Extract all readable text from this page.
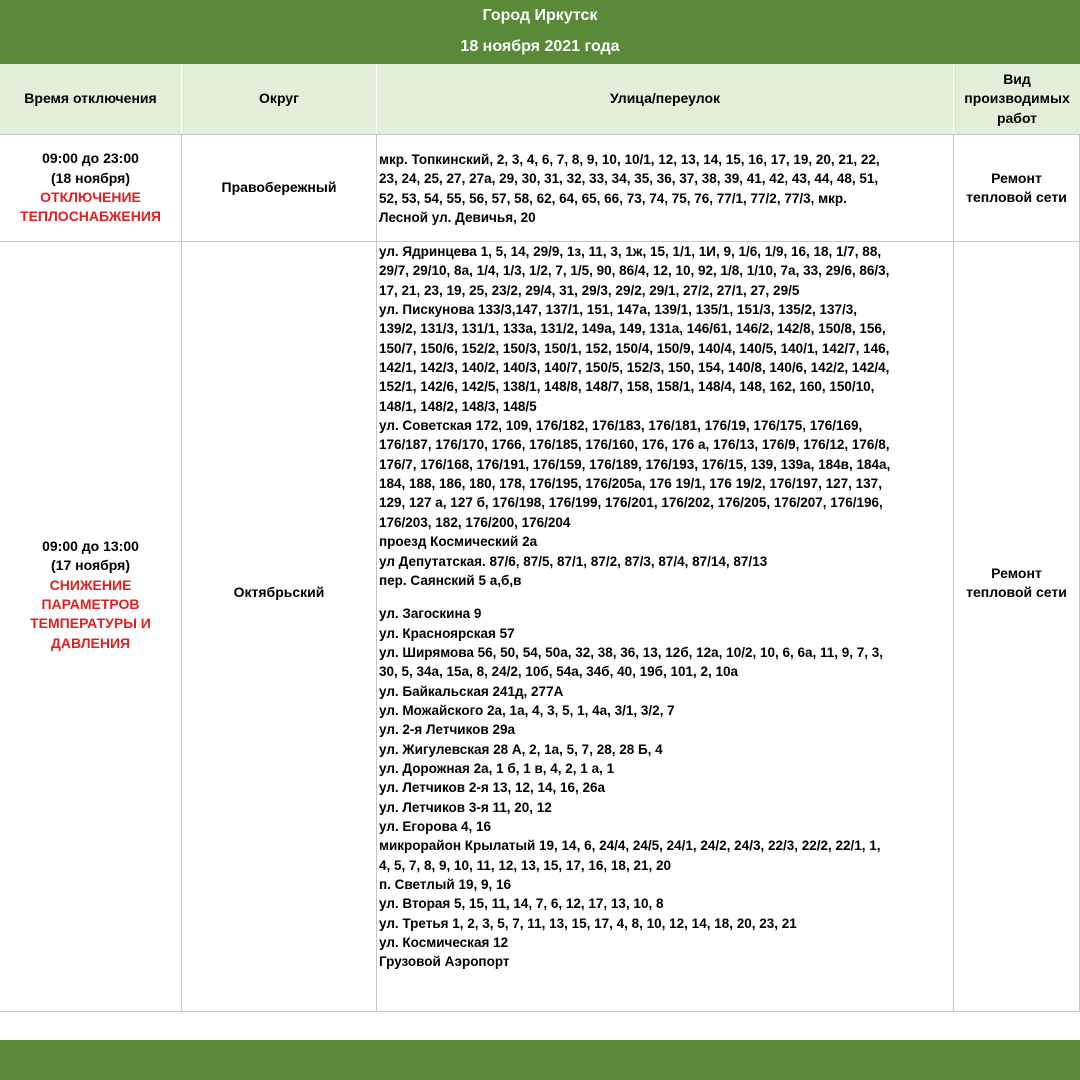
Город Иркутск
18 ноября 2021 года
Время отключения	Округ	Улица/переулок
Вид
производимых
работ
09:00 до 23:00
(18 ноября)
ОТКЛЮЧЕНИЕ
ТЕПЛОСНАБЖЕНИЯ
Правобережный
мкр. Топкинский, 2, 3, 4, 6, 7, 8, 9, 10, 10/1, 12, 13, 14, 15, 16, 17, 19, 20, 21, 22,
23, 24, 25, 27, 27а, 29, 30, 31, 32, 33, 34, 35, 36, 37, 38, 39, 41, 42, 43, 44, 48, 51,
52, 53, 54, 55, 56, 57, 58, 62, 64, 65, 66, 73, 74, 75, 76, 77/1, 77/2, 77/3, мкр.
Лесной ул. Девичья, 20
Ремонт
тепловой сети
09:00 до 13:00
(17 ноября)
СНИЖЕНИЕ
ПАРАМЕТРОВ
ТЕМПЕРАТУРЫ И
ДАВЛЕНИЯ
Октябрьский
ул. Ядринцева 1, 5, 14, 29/9, 1з, 11, 3, 1ж, 15, 1/1, 1И, 9, 1/6, 1/9, 16, 18, 1/7, 88,
29/7, 29/10, 8а, 1/4, 1/3, 1/2, 7, 1/5, 90, 86/4, 12, 10, 92, 1/8, 1/10, 7а, 33, 29/6, 86/3,
17, 21, 23, 19, 25, 23/2, 29/4, 31, 29/3, 29/2, 29/1, 27/2, 27/1, 27, 29/5
ул. Пискунова 133/3,147, 137/1, 151, 147а, 139/1, 135/1, 151/3, 135/2, 137/3,
139/2, 131/3, 131/1, 133а, 131/2, 149а, 149, 131а, 146/61, 146/2, 142/8, 150/8, 156,
150/7, 150/6, 152/2, 150/3, 150/1, 152, 150/4, 150/9, 140/4, 140/5, 140/1, 142/7, 146,
142/1, 142/3, 140/2, 140/3, 140/7, 150/5, 152/3, 150, 154, 140/8, 140/6, 142/2, 142/4,
152/1, 142/6, 142/5, 138/1, 148/8, 148/7, 158, 158/1, 148/4, 148, 162, 160, 150/10,
148/1, 148/2, 148/3, 148/5
ул. Советская 172, 109, 176/182, 176/183, 176/181, 176/19, 176/175, 176/169,
176/187, 176/170, 1766, 176/185, 176/160, 176, 176 а, 176/13, 176/9, 176/12, 176/8,
176/7, 176/168, 176/191, 176/159, 176/189, 176/193, 176/15, 139, 139а, 184в, 184а,
184, 188, 186, 180, 178, 176/195, 176/205а, 176 19/1, 176 19/2, 176/197, 127, 137,
129, 127 а, 127 б, 176/198, 176/199, 176/201, 176/202, 176/205, 176/207, 176/196,
176/203, 182, 176/200, 176/204
проезд Космический 2а
ул Депутатская. 87/6, 87/5, 87/1, 87/2, 87/3, 87/4, 87/14, 87/13
пер. Саянский 5 а,б,в
ул. Загоскина 9
ул. Красноярская 57
ул. Ширямова 56, 50, 54, 50а, 32, 38, 36, 13, 12б, 12а, 10/2, 10, 6, 6а, 11, 9, 7, 3,
30, 5, 34а, 15а, 8, 24/2, 10б, 54а, 34б, 40, 19б, 101, 2, 10а
ул. Байкальская 241д, 277А
ул. Можайского 2а, 1а, 4, 3, 5, 1, 4а, 3/1, 3/2, 7
ул. 2-я Летчиков 29а
ул. Жигулевская 28 А, 2, 1а, 5, 7, 28, 28 Б, 4
ул. Дорожная 2а, 1 б, 1 в, 4, 2, 1 а, 1
ул. Летчиков 2-я 13, 12, 14, 16, 26а
ул. Летчиков 3-я 11, 20, 12
ул. Егорова 4, 16
микрорайон Крылатый 19, 14, 6, 24/4, 24/5, 24/1, 24/2, 24/3, 22/3, 22/2, 22/1, 1,
4, 5, 7, 8, 9, 10, 11, 12, 13, 15, 17, 16, 18, 21, 20
п. Светлый 19, 9, 16
ул. Вторая 5, 15, 11, 14, 7, 6, 12, 17, 13, 10, 8
ул. Третья 1, 2, 3, 5, 7, 11, 13, 15, 17, 4, 8, 10, 12, 14, 18, 20, 23, 21
ул. Космическая 12
Грузовой Аэропорт
Ремонт
тепловой сети
